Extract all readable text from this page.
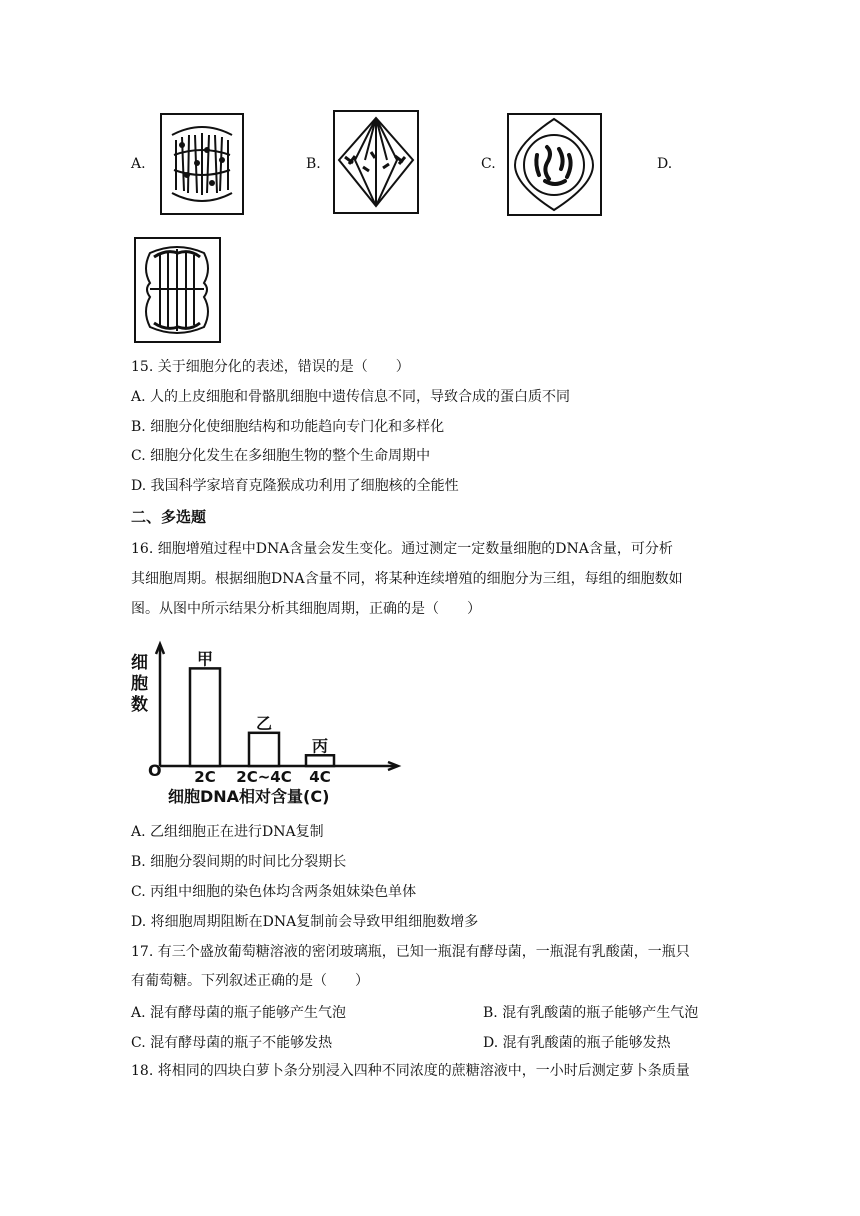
A.	B.	C.	D.
15. 关于细胞分化的表述，错误的是（　　）
A. 人的上皮细胞和骨骼肌细胞中遗传信息不同，导致合成的蛋白质不同
B. 细胞分化使细胞结构和功能趋向专门化和多样化
C. 细胞分化发生在多细胞生物的整个生命周期中
D. 我国科学家培育克隆猴成功利用了细胞核的全能性
二、多选题
16. 细胞增殖过程中DNA含量会发生变化。通过测定一定数量细胞的DNA含量，可分析
其细胞周期。根据细胞DNA含量不同，将某种连续增殖的细胞分为三组，每组的细胞数如
图。从图中所示结果分析其细胞周期，正确的是（　　）
细
胞
数
O
甲
2C
乙
2C~4C
丙
4C
细胞DNA相对含量(C)
A. 乙组细胞正在进行DNA复制
B. 细胞分裂间期的时间比分裂期长
C. 丙组中细胞的染色体均含两条姐妹染色单体
D. 将细胞周期阻断在DNA复制前会导致甲组细胞数增多
17. 有三个盛放葡萄糖溶液的密闭玻璃瓶，已知一瓶混有酵母菌，一瓶混有乳酸菌，一瓶只
有葡萄糖。下列叙述正确的是（　　）
A. 混有酵母菌的瓶子能够产生气泡	B. 混有乳酸菌的瓶子能够产生气泡
C. 混有酵母菌的瓶子不能够发热	D. 混有乳酸菌的瓶子能够发热
18. 将相同的四块白萝卜条分别浸入四种不同浓度的蔗糖溶液中，一小时后测定萝卜条质量
